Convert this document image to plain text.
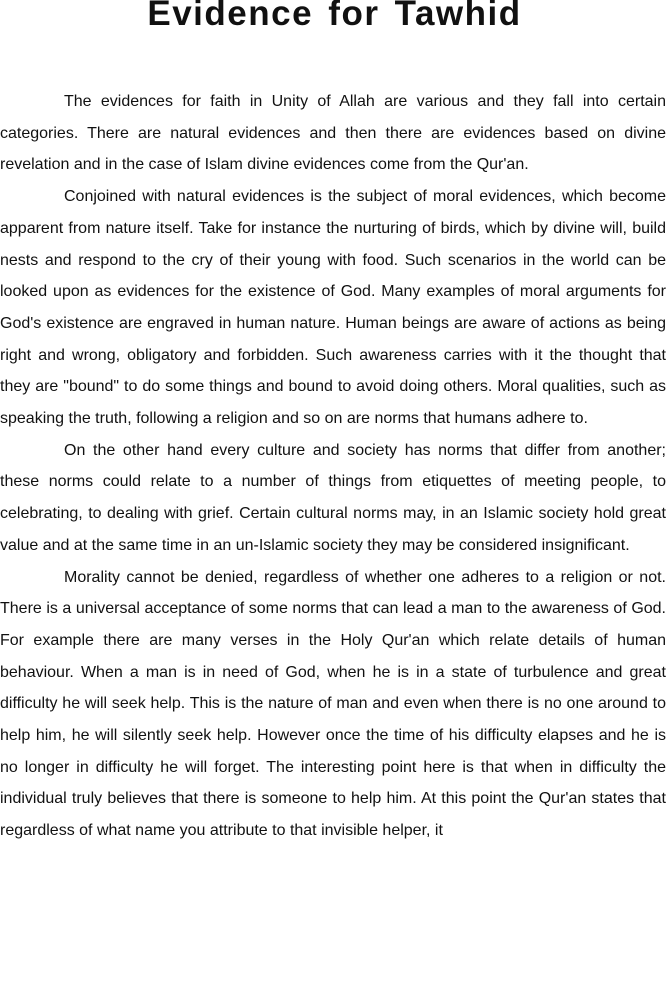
Evidence for Tawhid

The evidences for faith in Unity of Allah are various and they fall into certain categories. There are natural evidences and then there are evidences based on divine revelation and in the case of Islam divine evidences come from the Qur'an.

Conjoined with natural evidences is the subject of moral evidences, which become apparent from nature itself. Take for instance the nurturing of birds, which by divine will, build nests and respond to the cry of their young with food. Such scenarios in the world can be looked upon as evidences for the existence of God. Many examples of moral arguments for God's existence are engraved in human nature. Human beings are aware of actions as being right and wrong, obligatory and forbidden. Such awareness carries with it the thought that they are "bound" to do some things and bound to avoid doing others. Moral qualities, such as speaking the truth, following a religion and so on are norms that humans adhere to.

On the other hand every culture and society has norms that differ from another; these norms could relate to a number of things from etiquettes of meeting people, to celebrating, to dealing with grief. Certain cultural norms may, in an Islamic society hold great value and at the same time in an un-Islamic society they may be considered insignificant.

Morality cannot be denied, regardless of whether one adheres to a religion or not. There is a universal acceptance of some norms that can lead a man to the awareness of God. For example there are many verses in the Holy Qur'an which relate details of human behaviour. When a man is in need of God, when he is in a state of turbulence and great difficulty he will seek help. This is the nature of man and even when there is no one around to help him, he will silently seek help. However once the time of his difficulty elapses and he is no longer in difficulty he will forget. The interesting point here is that when in difficulty the individual truly believes that there is someone to help him. At this point the Qur'an states that regardless of what name you attribute to that invisible helper, it
